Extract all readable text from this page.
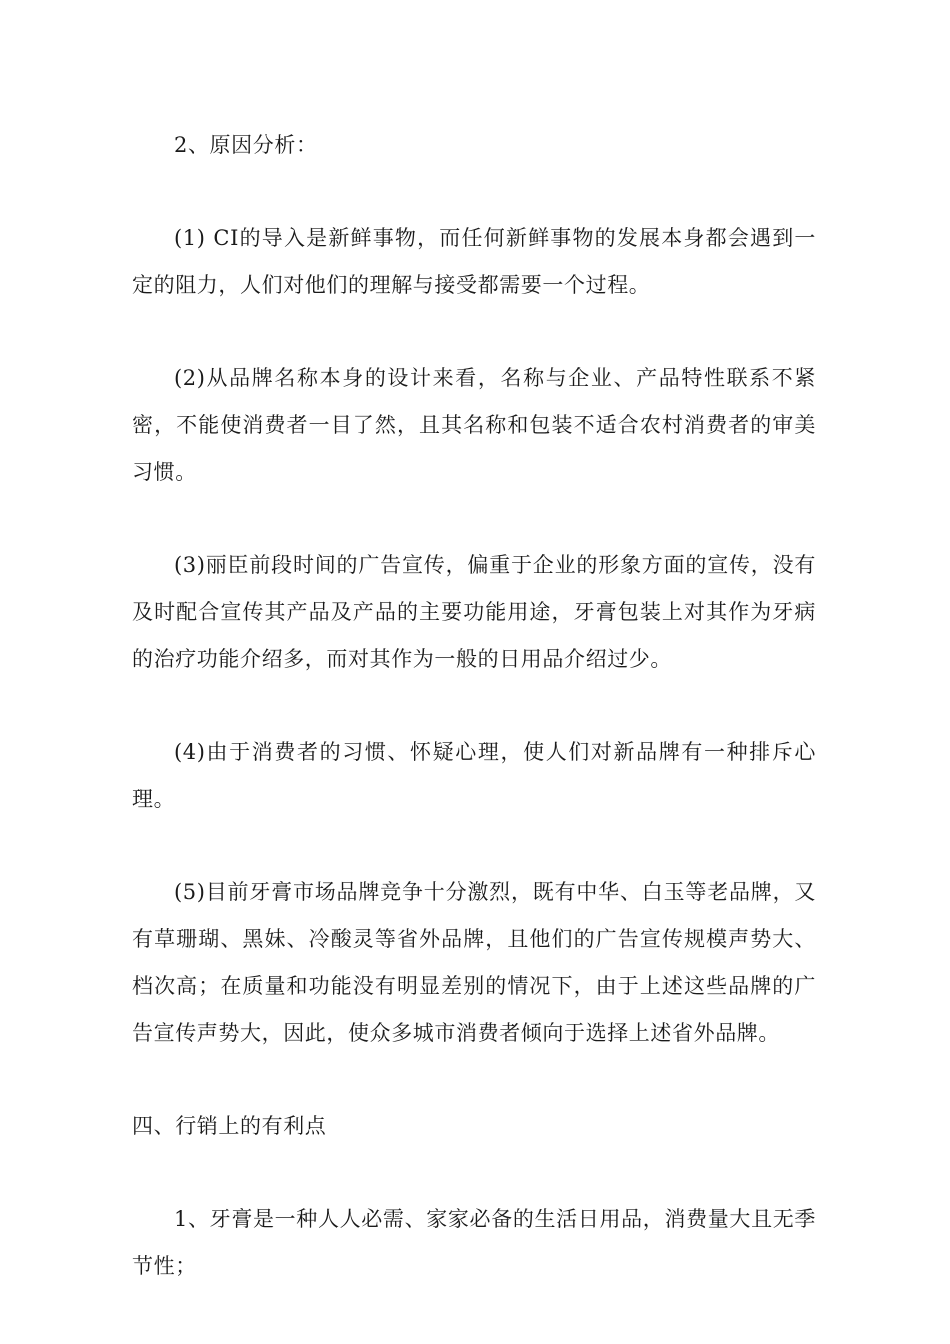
2、原因分析：

(1) CI的导入是新鲜事物，而任何新鲜事物的发展本身都会遇到一定的阻力，人们对他们的理解与接受都需要一个过程。

(2)从品牌名称本身的设计来看，名称与企业、产品特性联系不紧密，不能使消费者一目了然，且其名称和包装不适合农村消费者的审美习惯。

(3)丽臣前段时间的广告宣传，偏重于企业的形象方面的宣传，没有及时配合宣传其产品及产品的主要功能用途，牙膏包装上对其作为牙病的治疗功能介绍多，而对其作为一般的日用品介绍过少。

(4)由于消费者的习惯、怀疑心理，使人们对新品牌有一种排斥心理。

(5)目前牙膏市场品牌竞争十分激烈，既有中华、白玉等老品牌，又有草珊瑚、黑妹、冷酸灵等省外品牌，且他们的广告宣传规模声势大、档次高；在质量和功能没有明显差别的情况下，由于上述这些品牌的广告宣传声势大，因此，使众多城市消费者倾向于选择上述省外品牌。

四、行销上的有利点

1、牙膏是一种人人必需、家家必备的生活日用品，消费量大且无季节性；
